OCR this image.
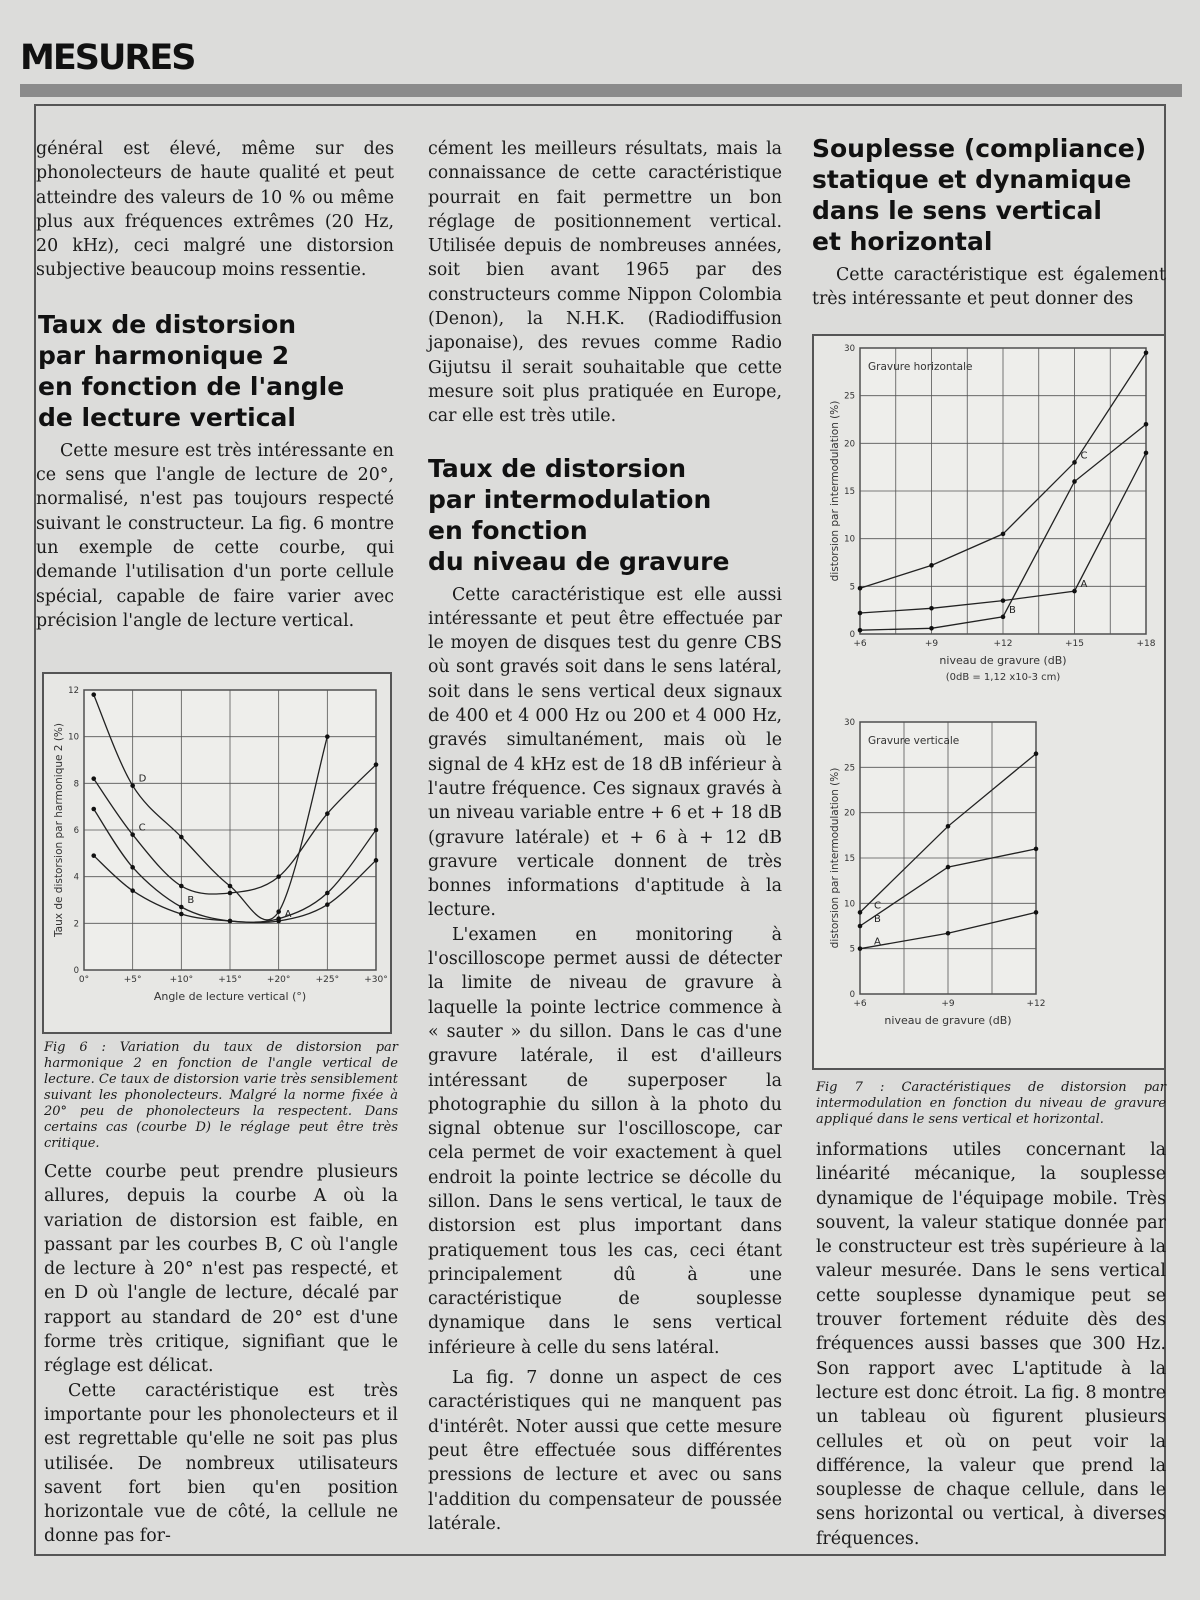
MESURES

général est élevé, même sur des phonolecteurs de haute qualité et peut atteindre des valeurs de 10 % ou même plus aux fréquences extrêmes (20 Hz, 20 kHz), ceci malgré une distorsion subjective beaucoup moins ressentie.

Taux de distorsion
par harmonique 2
en fonction de l'angle
de lecture vertical

Cette mesure est très intéressante en ce sens que l'angle de lecture de 20°, normalisé, n'est pas toujours respecté suivant le constructeur. La fig. 6 montre un exemple de cette courbe, qui demande l'utilisation d'un porte cellule spécial, capable de faire varier avec précision l'angle de lecture vertical.

0°	+5°	+10°	+15°	+20°	+25°	+30°
0
2
4
6
8
10
12
Angle de lecture vertical (°)
Taux de distorsion par harmonique 2 (%)	A
B
C
D

Fig 6 : Variation du taux de distorsion par harmonique 2 en fonction de l'angle vertical de lecture. Ce taux de distorsion varie très sensiblement suivant les phonolecteurs. Malgré la norme fixée à 20° peu de phonolecteurs la respectent. Dans certains cas (courbe D) le réglage peut être très critique.

Cette courbe peut prendre plusieurs allures, depuis la courbe A où la variation de distorsion est faible, en passant par les courbes B, C où l'angle de lecture à 20° n'est pas respecté, et en D où l'angle de lecture, décalé par rapport au standard de 20° est d'une forme très critique, signifiant que le réglage est délicat.

Cette caractéristique est très importante pour les phonolecteurs et il est regrettable qu'elle ne soit pas plus utilisée. De nombreux utilisateurs savent fort bien qu'en position horizontale vue de côté, la cellule ne donne pas for-

cément les meilleurs résultats, mais la connaissance de cette caractéristique pourrait en fait permettre un bon réglage de positionnement vertical. Utilisée depuis de nombreuses années, soit bien avant 1965 par des constructeurs comme Nippon Colombia (Denon), la N.H.K. (Radiodiffusion japonaise), des revues comme Radio Gijutsu il serait souhaitable que cette mesure soit plus pratiquée en Europe, car elle est très utile.

Taux de distorsion
par intermodulation
en fonction
du niveau de gravure

Cette caractéristique est elle aussi intéressante et peut être effectuée par le moyen de disques test du genre CBS où sont gravés soit dans le sens latéral, soit dans le sens vertical deux signaux de 400 et 4 000 Hz ou 200 et 4 000 Hz, gravés simultanément, mais où le signal de 4 kHz est de 18 dB inférieur à l'autre fréquence. Ces signaux gravés à un niveau variable entre + 6 et + 18 dB (gravure latérale) et + 6 à + 12 dB gravure verticale donnent de très bonnes informations d'aptitude à la lecture.

L'examen en monitoring à l'oscilloscope permet aussi de détecter la limite de niveau de gravure à laquelle la pointe lectrice commence à « sauter » du sillon. Dans le cas d'une gravure latérale, il est d'ailleurs intéressant de superposer la photographie du sillon à la photo du signal obtenue sur l'oscilloscope, car cela permet de voir exactement à quel endroit la pointe lectrice se décolle du sillon. Dans le sens vertical, le taux de distorsion est plus important dans pratiquement tous les cas, ceci étant principalement dû à une caractéristique de souplesse dynamique dans le sens vertical inférieure à celle du sens latéral.

La fig. 7 donne un aspect de ces caractéristiques qui ne manquent pas d'intérêt. Noter aussi que cette mesure peut être effectuée sous différentes pressions de lecture et avec ou sans l'addition du compensateur de poussée latérale.

Souplesse (compliance)
statique et dynamique
dans le sens vertical
et horizontal

Cette caractéristique est également très intéressante et peut donner des

+6	+9	+12	+15	+18
0
5
10
15
20
25
30
Gravure horizontale
niveau de gravure (dB)
(0dB = 1,12 x10-3 cm)
distorsion par intermodulation (%)	C
B
A
+6	+9	+12
0
5
10
15
20
25
30
Gravure verticale
niveau de gravure (dB)
distorsion par intermodulation (%)	C
B
A

Fig 7 : Caractéristiques de distorsion par intermodulation en fonction du niveau de gravure appliqué dans le sens vertical et horizontal.

informations utiles concernant la linéarité mécanique, la souplesse dynamique de l'équipage mobile. Très souvent, la valeur statique donnée par le constructeur est très supérieure à la valeur mesurée. Dans le sens vertical cette souplesse dynamique peut se trouver fortement réduite dès des fréquences aussi basses que 300 Hz. Son rapport avec L'aptitude à la lecture est donc étroit. La fig. 8 montre un tableau où figurent plusieurs cellules et où on peut voir la différence, la valeur que prend la souplesse de chaque cellule, dans le sens horizontal ou vertical, à diverses fréquences.
